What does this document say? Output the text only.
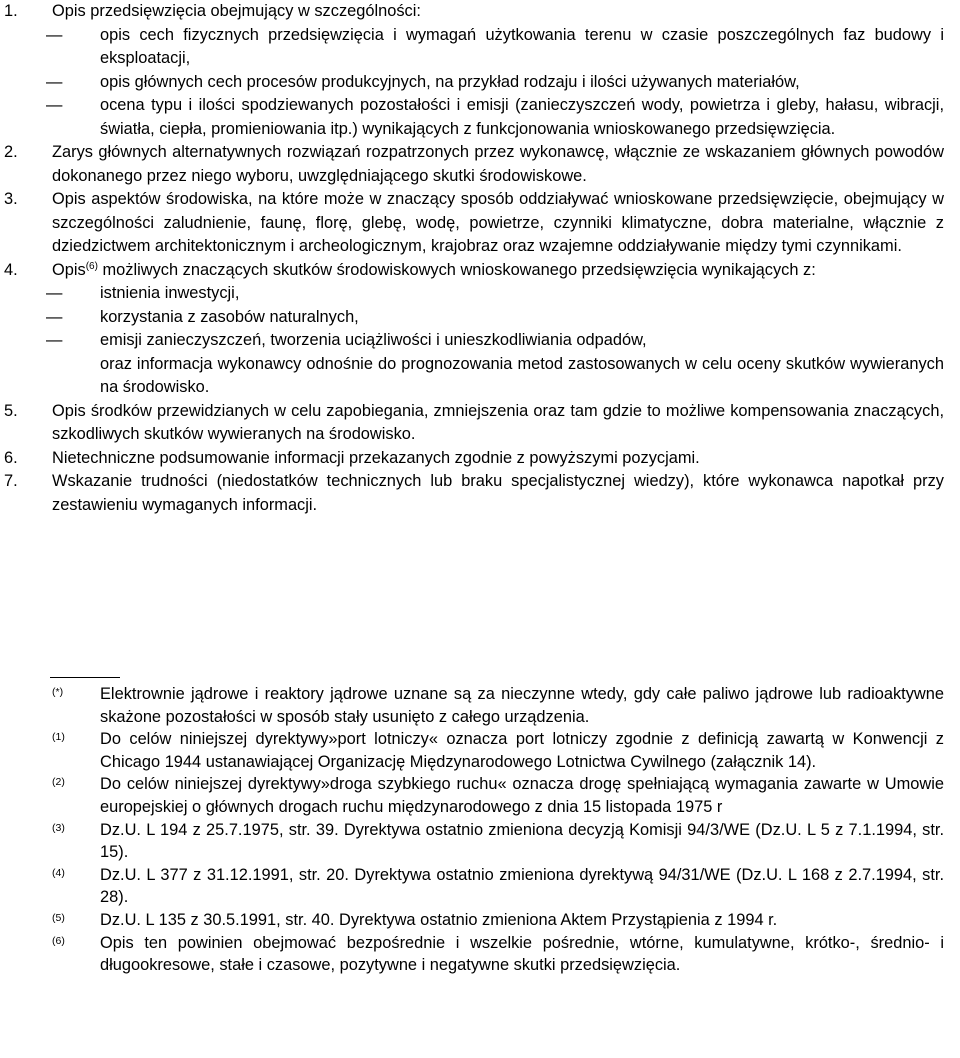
1. Opis przedsięwzięcia obejmujący w szczególności:
—	opis cech fizycznych przedsięwzięcia i wymagań użytkowania terenu w czasie poszczególnych faz budowy i eksploatacji,
—	opis głównych cech procesów produkcyjnych, na przykład rodzaju i ilości używanych materiałów,
—	ocena typu i ilości spodziewanych pozostałości i emisji (zanieczyszczeń wody, powietrza i gleby, hałasu, wibracji, światła, ciepła, promieniowania itp.) wynikających z funkcjonowania wnioskowanego przedsięwzięcia.
2. Zarys głównych alternatywnych rozwiązań rozpatrzonych przez wykonawcę, włącznie ze wskazaniem głównych powodów dokonanego przez niego wyboru, uwzględniającego skutki środowiskowe.
3. Opis aspektów środowiska, na które może w znaczący sposób oddziaływać wnioskowane przedsięwzięcie, obejmujący w szczególności zaludnienie, faunę, florę, glebę, wodę, powietrze, czynniki klimatyczne, dobra materialne, włącznie z dziedzictwem architektonicznym i archeologicznym, krajobraz oraz wzajemne oddziaływanie między tymi czynnikami.
4. Opis$^{(6)}$ możliwych znaczących skutków środowiskowych wnioskowanego przedsięwzięcia wynikających z:
—	istnienia inwestycji,
—	korzystania z zasobów naturalnych,
—	emisji zanieczyszczeń, tworzenia uciążliwości i unieszkodliwiania odpadów,
oraz informacja wykonawcy odnośnie do prognozowania metod zastosowanych w celu oceny skutków wywieranych na środowisko.
5. Opis środków przewidzianych w celu zapobiegania, zmniejszenia oraz tam gdzie to możliwe kompensowania znaczących, szkodliwych skutków wywieranych na środowisko.
6. Nietechniczne podsumowanie informacji przekazanych zgodnie z powyższymi pozycjami.
7. Wskazanie trudności (niedostatków technicznych lub braku specjalistycznej wiedzy), które wykonawca napotkał przy zestawieniu wymaganych informacji.
(*) Elektrownie jądrowe i reaktory jądrowe uznane są za nieczynne wtedy, gdy całe paliwo jądrowe lub radioaktywne skażone pozostałości w sposób stały usunięto z całego urządzenia.
(1) Do celów niniejszej dyrektywy»port lotniczy« oznacza port lotniczy zgodnie z definicją zawartą w Konwencji z Chicago 1944 ustanawiającej Organizację Międzynarodowego Lotnictwa Cywilnego (załącznik 14).
(2) Do celów niniejszej dyrektywy»droga szybkiego ruchu« oznacza drogę spełniającą wymagania zawarte w Umowie europejskiej o głównych drogach ruchu międzynarodowego z dnia 15 listopada 1975 r
(3) Dz.U. L 194 z 25.7.1975, str. 39. Dyrektywa ostatnio zmieniona decyzją Komisji 94/3/WE (Dz.U. L 5 z 7.1.1994, str. 15).
(4) Dz.U. L 377 z 31.12.1991, str. 20. Dyrektywa ostatnio zmieniona dyrektywą 94/31/WE (Dz.U. L 168 z 2.7.1994, str. 28).
(5) Dz.U. L 135 z 30.5.1991, str. 40. Dyrektywa ostatnio zmieniona Aktem Przystąpienia z 1994 r.
(6) Opis ten powinien obejmować bezpośrednie i wszelkie pośrednie, wtórne, kumulatywne, krótko-, średnio- i długookresowe, stałe i czasowe, pozytywne i negatywne skutki przedsięwzięcia.
